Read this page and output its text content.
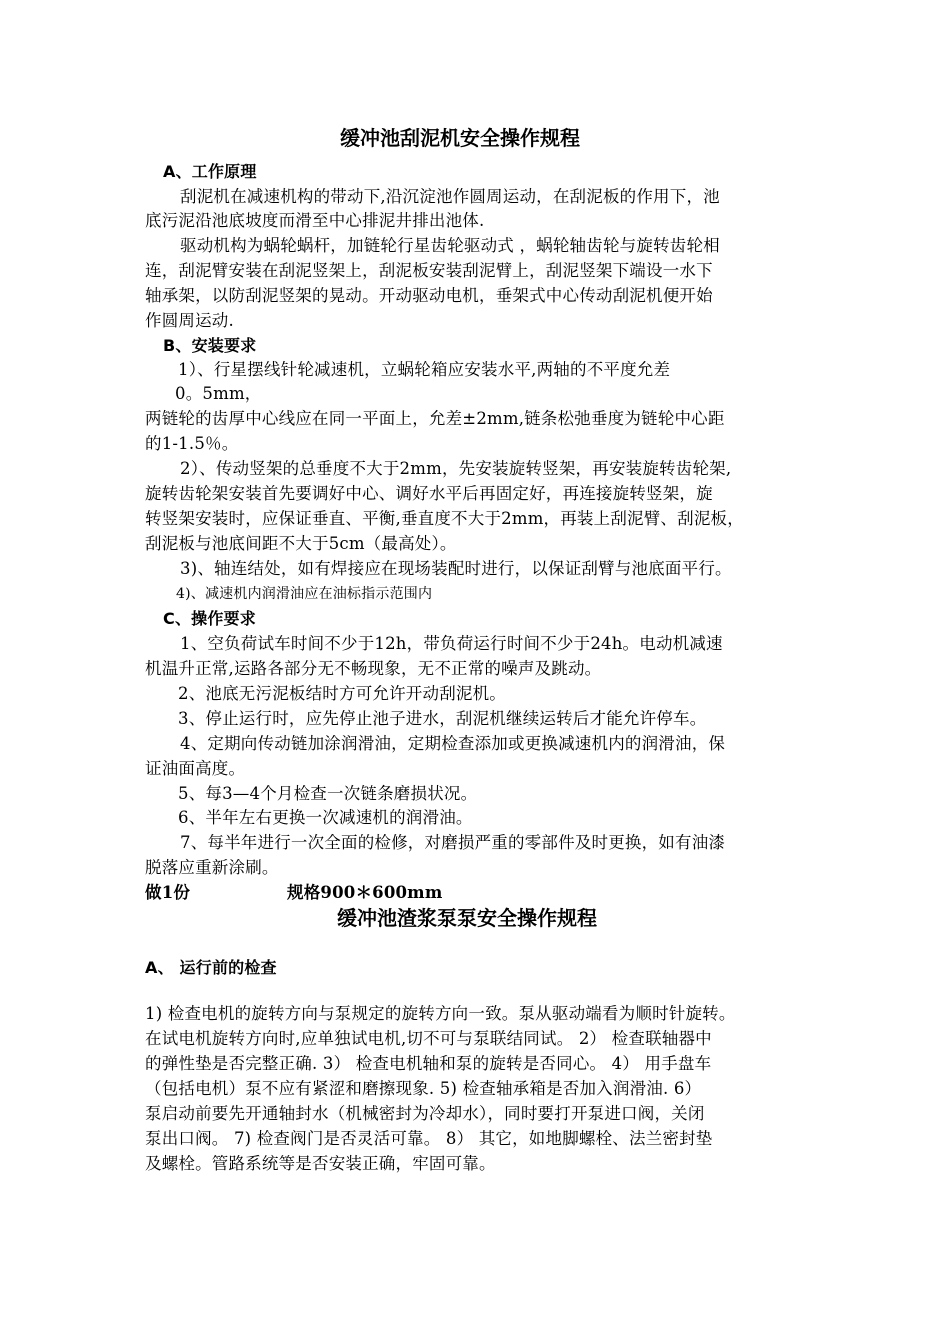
缓冲池刮泥机安全操作规程
A、工作原理
刮泥机在减速机构的带动下,沿沉淀池作圆周运动，在刮泥板的作用下，池
底污泥沿池底坡度而滑至中心排泥井排出池体.
驱动机构为蜗轮蜗杆，加链轮行星齿轮驱动式 ，蜗轮轴齿轮与旋转齿轮相
连，刮泥臂安装在刮泥竖架上，刮泥板安装刮泥臂上，刮泥竖架下端设一水下
轴承架，以防刮泥竖架的晃动。开动驱动电机，垂架式中心传动刮泥机便开始
作圆周运动.
B、安装要求
1）、行星摆线针轮减速机，立蜗轮箱应安装水平,两轴的不平度允差
0。5mm，
两链轮的齿厚中心线应在同一平面上，允差±2mm,链条松弛垂度为链轮中心距
的1-1.5％。
2）、传动竖架的总垂度不大于2mm，先安装旋转竖架，再安装旋转齿轮架,
旋转齿轮架安装首先要调好中心、调好水平后再固定好，再连接旋转竖架，旋
转竖架安装时，应保证垂直、平衡,垂直度不大于2mm，再装上刮泥臂、刮泥板，
刮泥板与池底间距不大于5cm（最高处）。
3)、轴连结处，如有焊接应在现场装配时进行，以保证刮臂与池底面平行。
4)、减速机内润滑油应在油标指示范围内
C、操作要求
1、空负荷试车时间不少于12h，带负荷运行时间不少于24h。电动机减速
机温升正常,运路各部分无不畅现象，无不正常的噪声及跳动。
2、池底无污泥板结时方可允许开动刮泥机。
3、停止运行时，应先停止池子进水，刮泥机继续运转后才能允许停车。
4、定期向传动链加涂润滑油，定期检查添加或更换减速机内的润滑油，保
证油面高度。
5、每3—4个月检查一次链条磨损状况。
6、半年左右更换一次减速机的润滑油。
7、每半年进行一次全面的检修，对磨损严重的零部件及时更换，如有油漆
脱落应重新涂刷。
做1份	规格900＊600mm
缓冲池渣浆泵泵安全操作规程
A、 运行前的检查
1) 检查电机的旋转方向与泵规定的旋转方向一致。泵从驱动端看为顺时针旋转。
在试电机旋转方向时,应单独试电机,切不可与泵联结同试。 2） 检查联轴器中
的弹性垫是否完整正确. 3） 检查电机轴和泵的旋转是否同心。 4） 用手盘车
（包括电机）泵不应有紧涩和磨擦现象. 5) 检查轴承箱是否加入润滑油. 6）
泵启动前要先开通轴封水（机械密封为冷却水），同时要打开泵进口阀，关闭
泵出口阀。 7) 检查阀门是否灵活可靠。 8） 其它，如地脚螺栓、法兰密封垫
及螺栓。管路系统等是否安装正确，牢固可靠。
